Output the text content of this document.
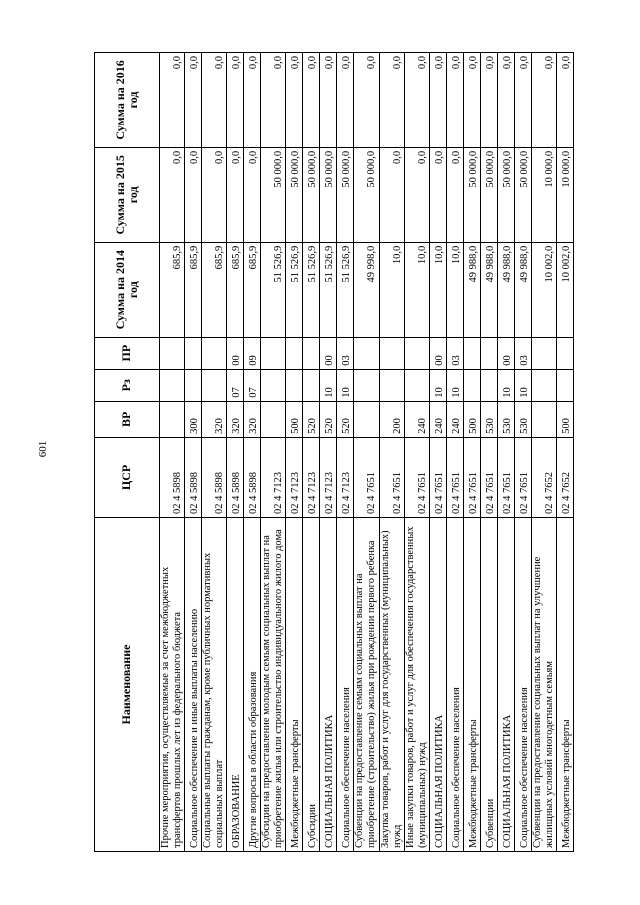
601
Наименование	ЦСР	ВР	Рз	ПР	Сумма на 2014 год	Сумма на 2015 год	Сумма на 2016 год
Прочие мероприятия, осуществляемые за счет межбюджетных трансфертов прошлых лет из федерального бюджета	02 4 5898				685,9	0,0	0,0
Социальное обеспечение и иные выплаты населению	02 4 5898	300			685,9	0,0	0,0
Социальные выплаты гражданам, кроме публичных нормативных социальных выплат	02 4 5898	320			685,9	0,0	0,0
ОБРАЗОВАНИЕ	02 4 5898	320	07	00	685,9	0,0	0,0
Другие вопросы в области образования	02 4 5898	320	07	09	685,9	0,0	0,0
Субсидии на предоставление молодым семьям социальных выплат на приобретение жилья или строительство индивидуального жилого дома	02 4 7123				51 526,9	50 000,0	0,0
Межбюджетные трансферты	02 4 7123	500			51 526,9	50 000,0	0,0
Субсидии	02 4 7123	520			51 526,9	50 000,0	0,0
СОЦИАЛЬНАЯ ПОЛИТИКА	02 4 7123	520	10	00	51 526,9	50 000,0	0,0
Социальное обеспечение населения	02 4 7123	520	10	03	51 526,9	50 000,0	0,0
Субвенции на предоставление семьям социальных выплат на приобретение (строительство) жилья при рождении первого ребенка	02 4 7651				49 998,0	50 000,0	0,0
Закупка товаров, работ и услуг для государственных (муниципальных) нужд	02 4 7651	200			10,0	0,0	0,0
Иные закупки товаров, работ и услуг для обеспечения государственных (муниципальных) нужд	02 4 7651	240			10,0	0,0	0,0
СОЦИАЛЬНАЯ ПОЛИТИКА	02 4 7651	240	10	00	10,0	0,0	0,0
Социальное обеспечение населения	02 4 7651	240	10	03	10,0	0,0	0,0
Межбюджетные трансферты	02 4 7651	500			49 988,0	50 000,0	0,0
Субвенции	02 4 7651	530			49 988,0	50 000,0	0,0
СОЦИАЛЬНАЯ ПОЛИТИКА	02 4 7651	530	10	00	49 988,0	50 000,0	0,0
Социальное обеспечение населения	02 4 7651	530	10	03	49 988,0	50 000,0	0,0
Субвенции на предоставление социальных выплат на улучшение жилищных условий многодетным семьям	02 4 7652				10 002,0	10 000,0	0,0
Межбюджетные трансферты	02 4 7652	500			10 002,0	10 000,0	0,0
